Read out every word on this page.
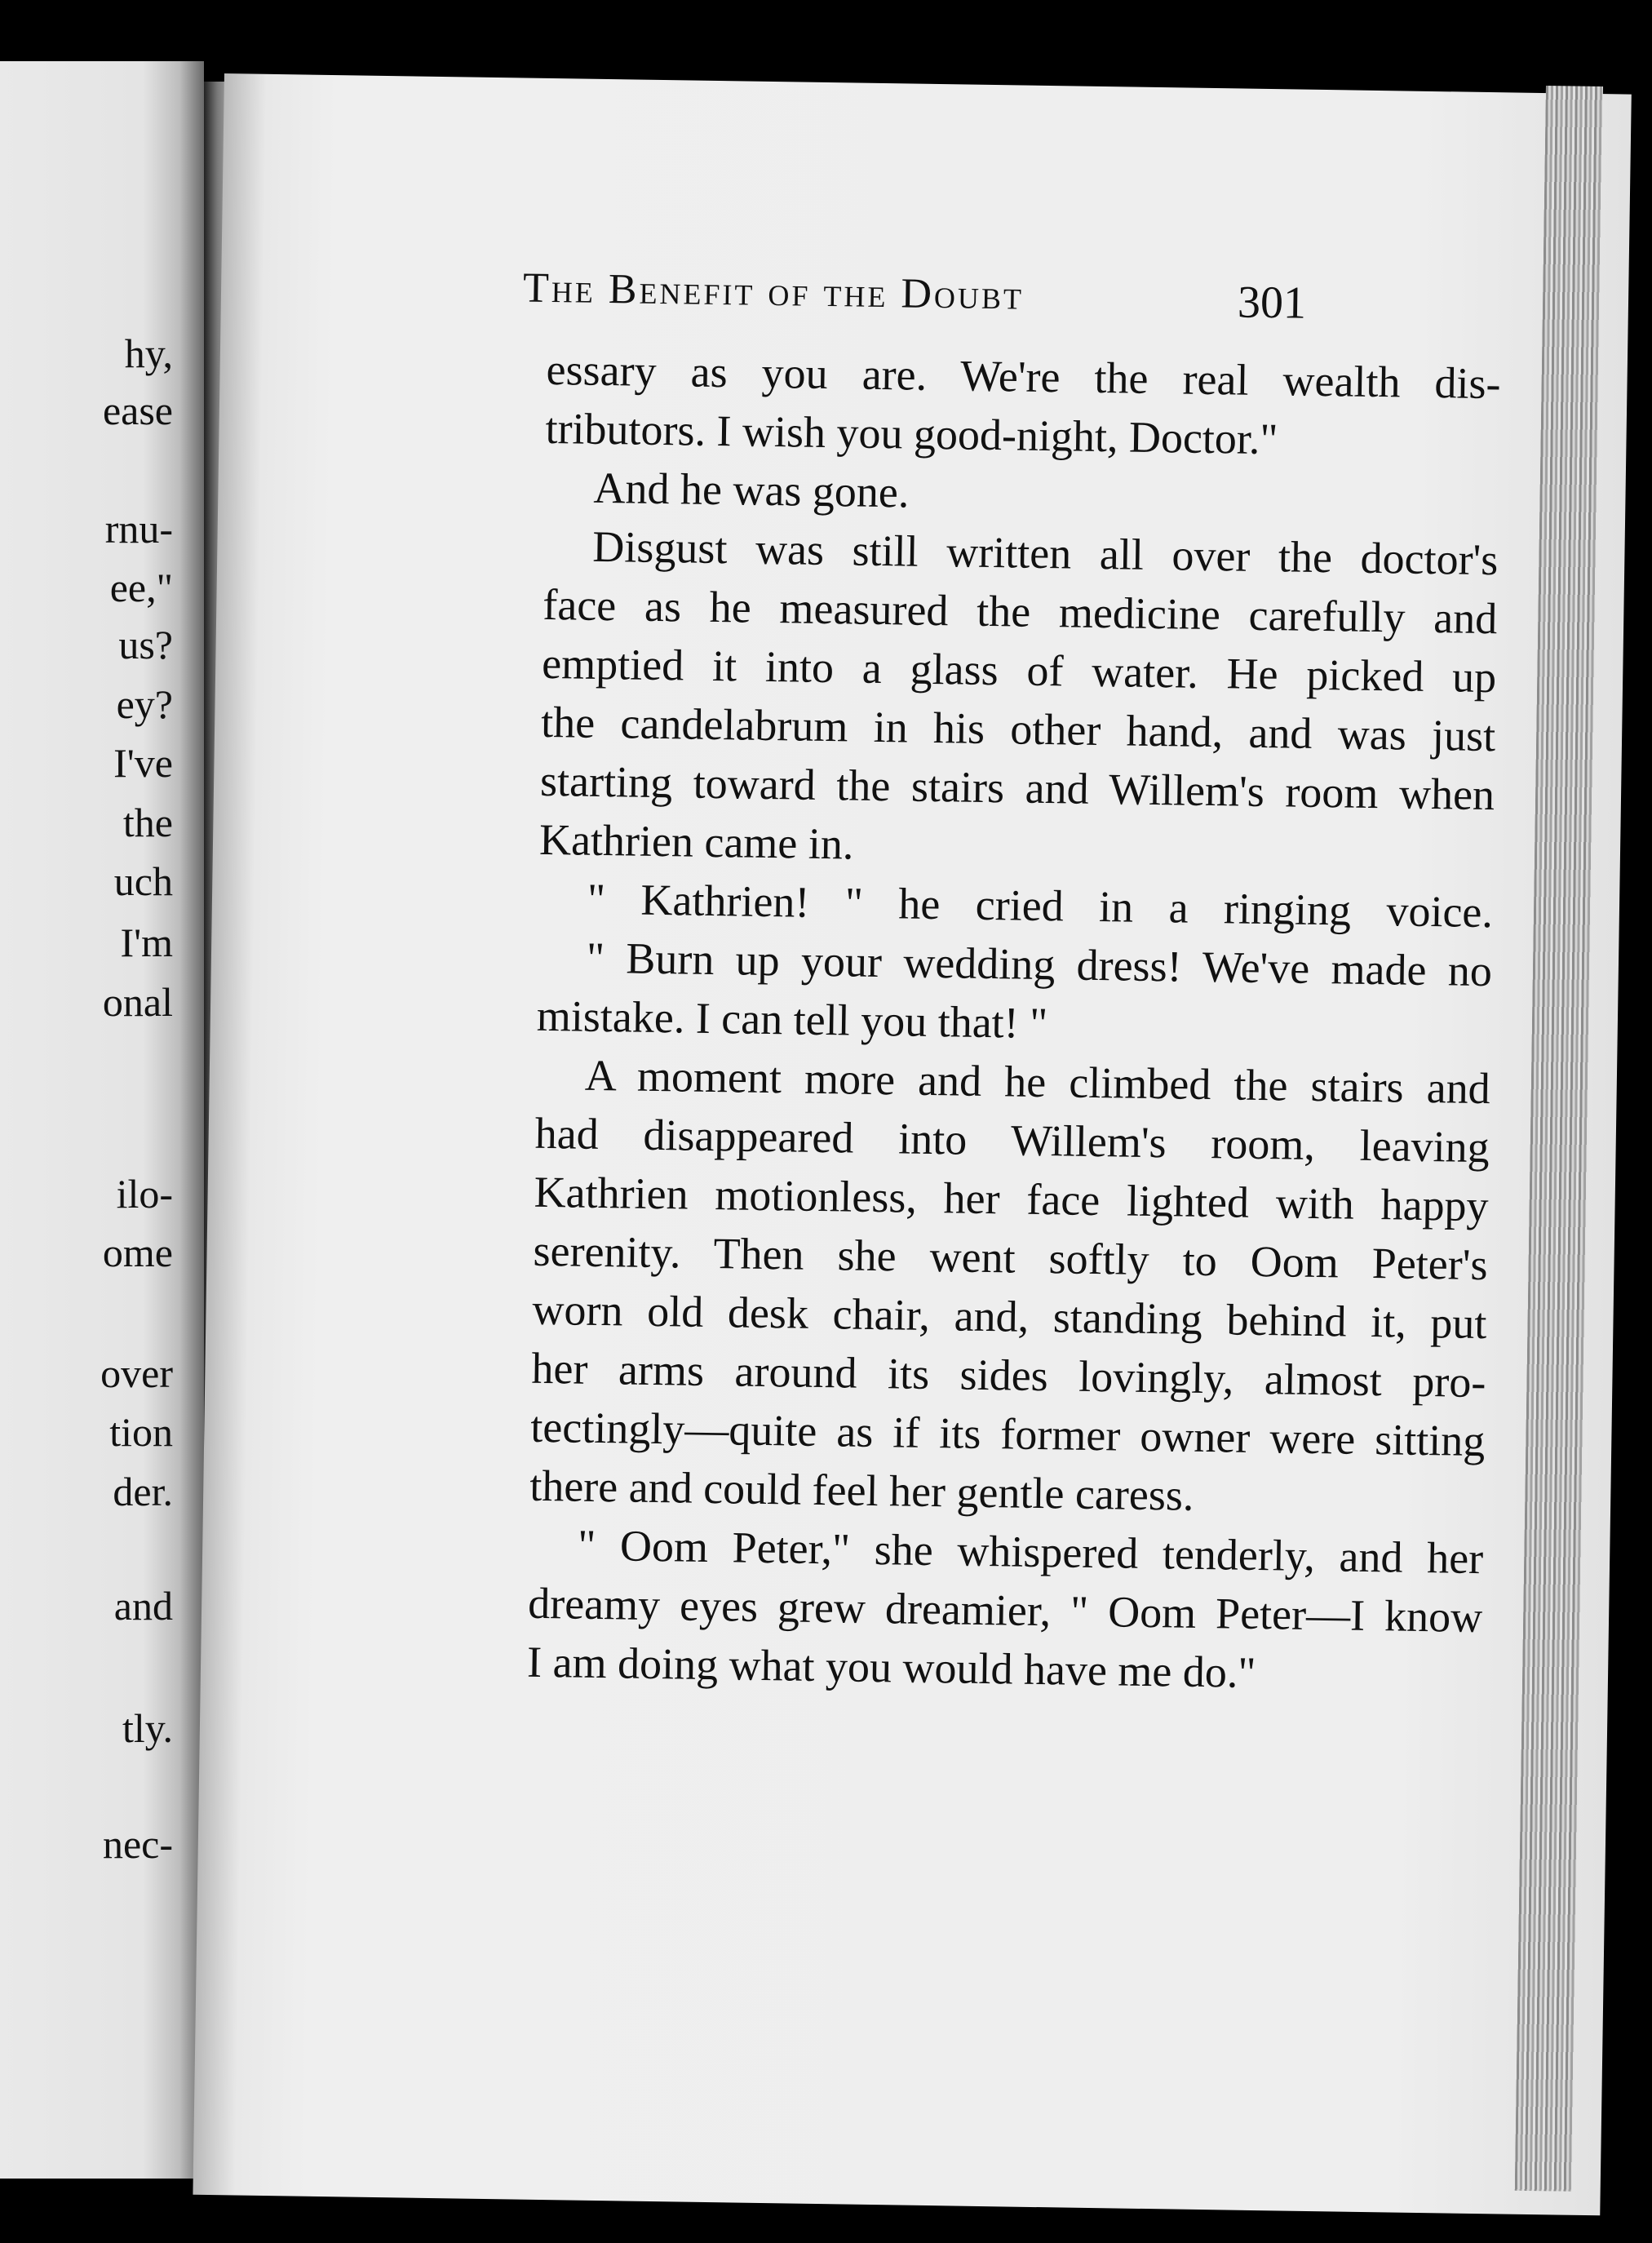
hy,
ease
rnu-
ee,"
us?
ey?
I've
the
uch
I'm
onal
ilo-
ome
over
tion
der.
and
tly.
nec-
The Benefit of the Doubt	301
essary as you are. We're the real wealth dis-
tributors. I wish you good-night, Doctor."
And he was gone.
Disgust was still written all over the doctor's
face as he measured the medicine carefully and
emptied it into a glass of water. He picked up
the candelabrum in his other hand, and was just
starting toward the stairs and Willem's room when
Kathrien came in.
" Kathrien! " he cried in a ringing voice.
" Burn up your wedding dress! We've made no
mistake. I can tell you that! "
A moment more and he climbed the stairs and
had disappeared into Willem's room, leaving
Kathrien motionless, her face lighted with happy
serenity. Then she went softly to Oom Peter's
worn old desk chair, and, standing behind it, put
her arms around its sides lovingly, almost pro-
tectingly—quite as if its former owner were sitting
there and could feel her gentle caress.
" Oom Peter," she whispered tenderly, and her
dreamy eyes grew dreamier, " Oom Peter—I know
I am doing what you would have me do."
